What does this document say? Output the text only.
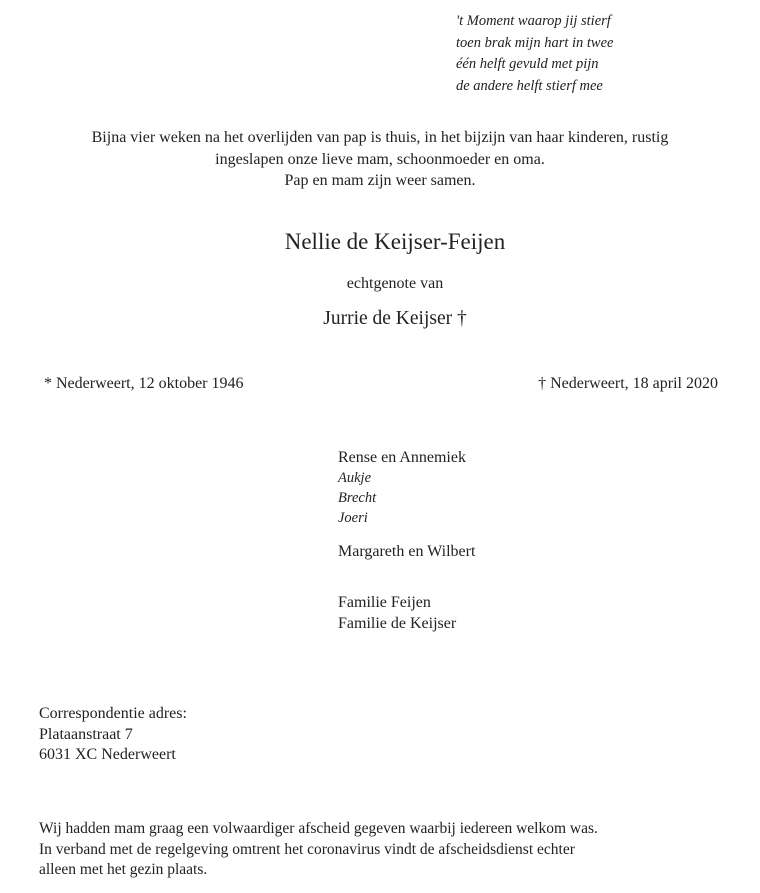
't Moment waarop jij stierf
toen brak mijn hart in twee
één helft gevuld met pijn
de andere helft stierf mee
Bijna vier weken na het overlijden van pap is thuis, in het bijzijn van haar kinderen, rustig
ingeslapen onze lieve mam, schoonmoeder en oma.
Pap en mam zijn weer samen.
Nellie de Keijser-Feijen
echtgenote van
Jurrie de Keijser †
* Nederweert, 12 oktober 1946	† Nederweert, 18 april 2020
Rense en Annemiek
Aukje
Brecht
Joeri
Margareth en Wilbert
Familie Feijen
Familie de Keijser
Correspondentie adres:
Plataanstraat 7
6031 XC Nederweert
Wij hadden mam graag een volwaardiger afscheid gegeven waarbij iedereen welkom was.
In verband met de regelgeving omtrent het coronavirus vindt de afscheidsdienst echter
alleen met het gezin plaats.
